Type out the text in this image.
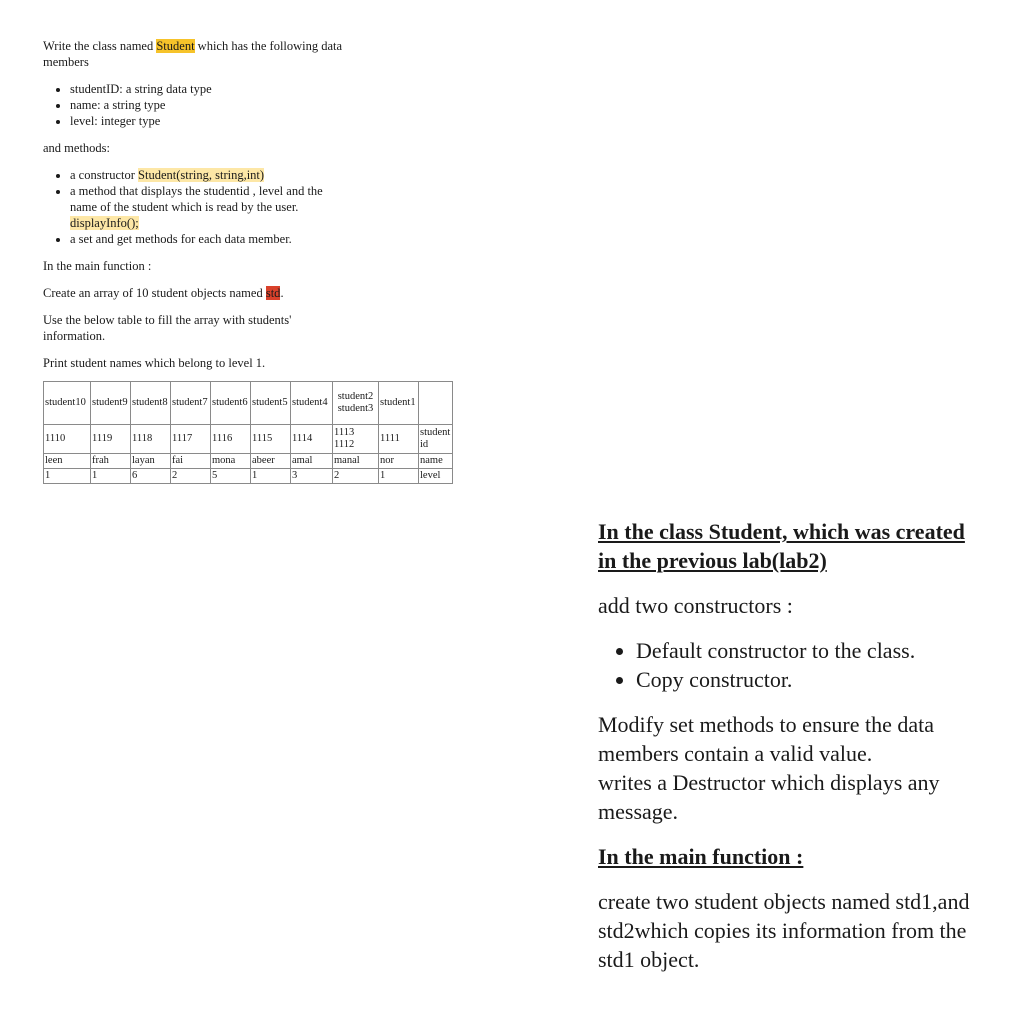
Write the class named Student which has the following data members

• studentID: a string data type
• name: a string type
• level: integer type

and methods:

• a constructor Student(string, string,int)
• a method that displays the studentid , level and the name of the student which is read by the user. displayInfo();
• a set and get methods for each data member.

In the main function :

Create an array of 10 student objects named std.

Use the below table to fill the array with students' information.

Print student names which belong to level 1.

student10	student9	student8	student7	student6	student5	student4	student2 student3	student1	
1110	1119	1118	1117	1116	1115	1114	1113 1112	1111	student id
leen	frah	layan	fai	mona	abeer	amal	manal	nor	name
1	1	6	2	5	1	3	2	1	level

In the class Student, which was created in the previous lab(lab2)

add two constructors :

• Default constructor to the class.
• Copy constructor.

Modify set methods to ensure the data members contain a valid value.

writes a Destructor which displays any message.

In the main function :

create two student objects named std1,and std2which copies its information from the std1 object.
